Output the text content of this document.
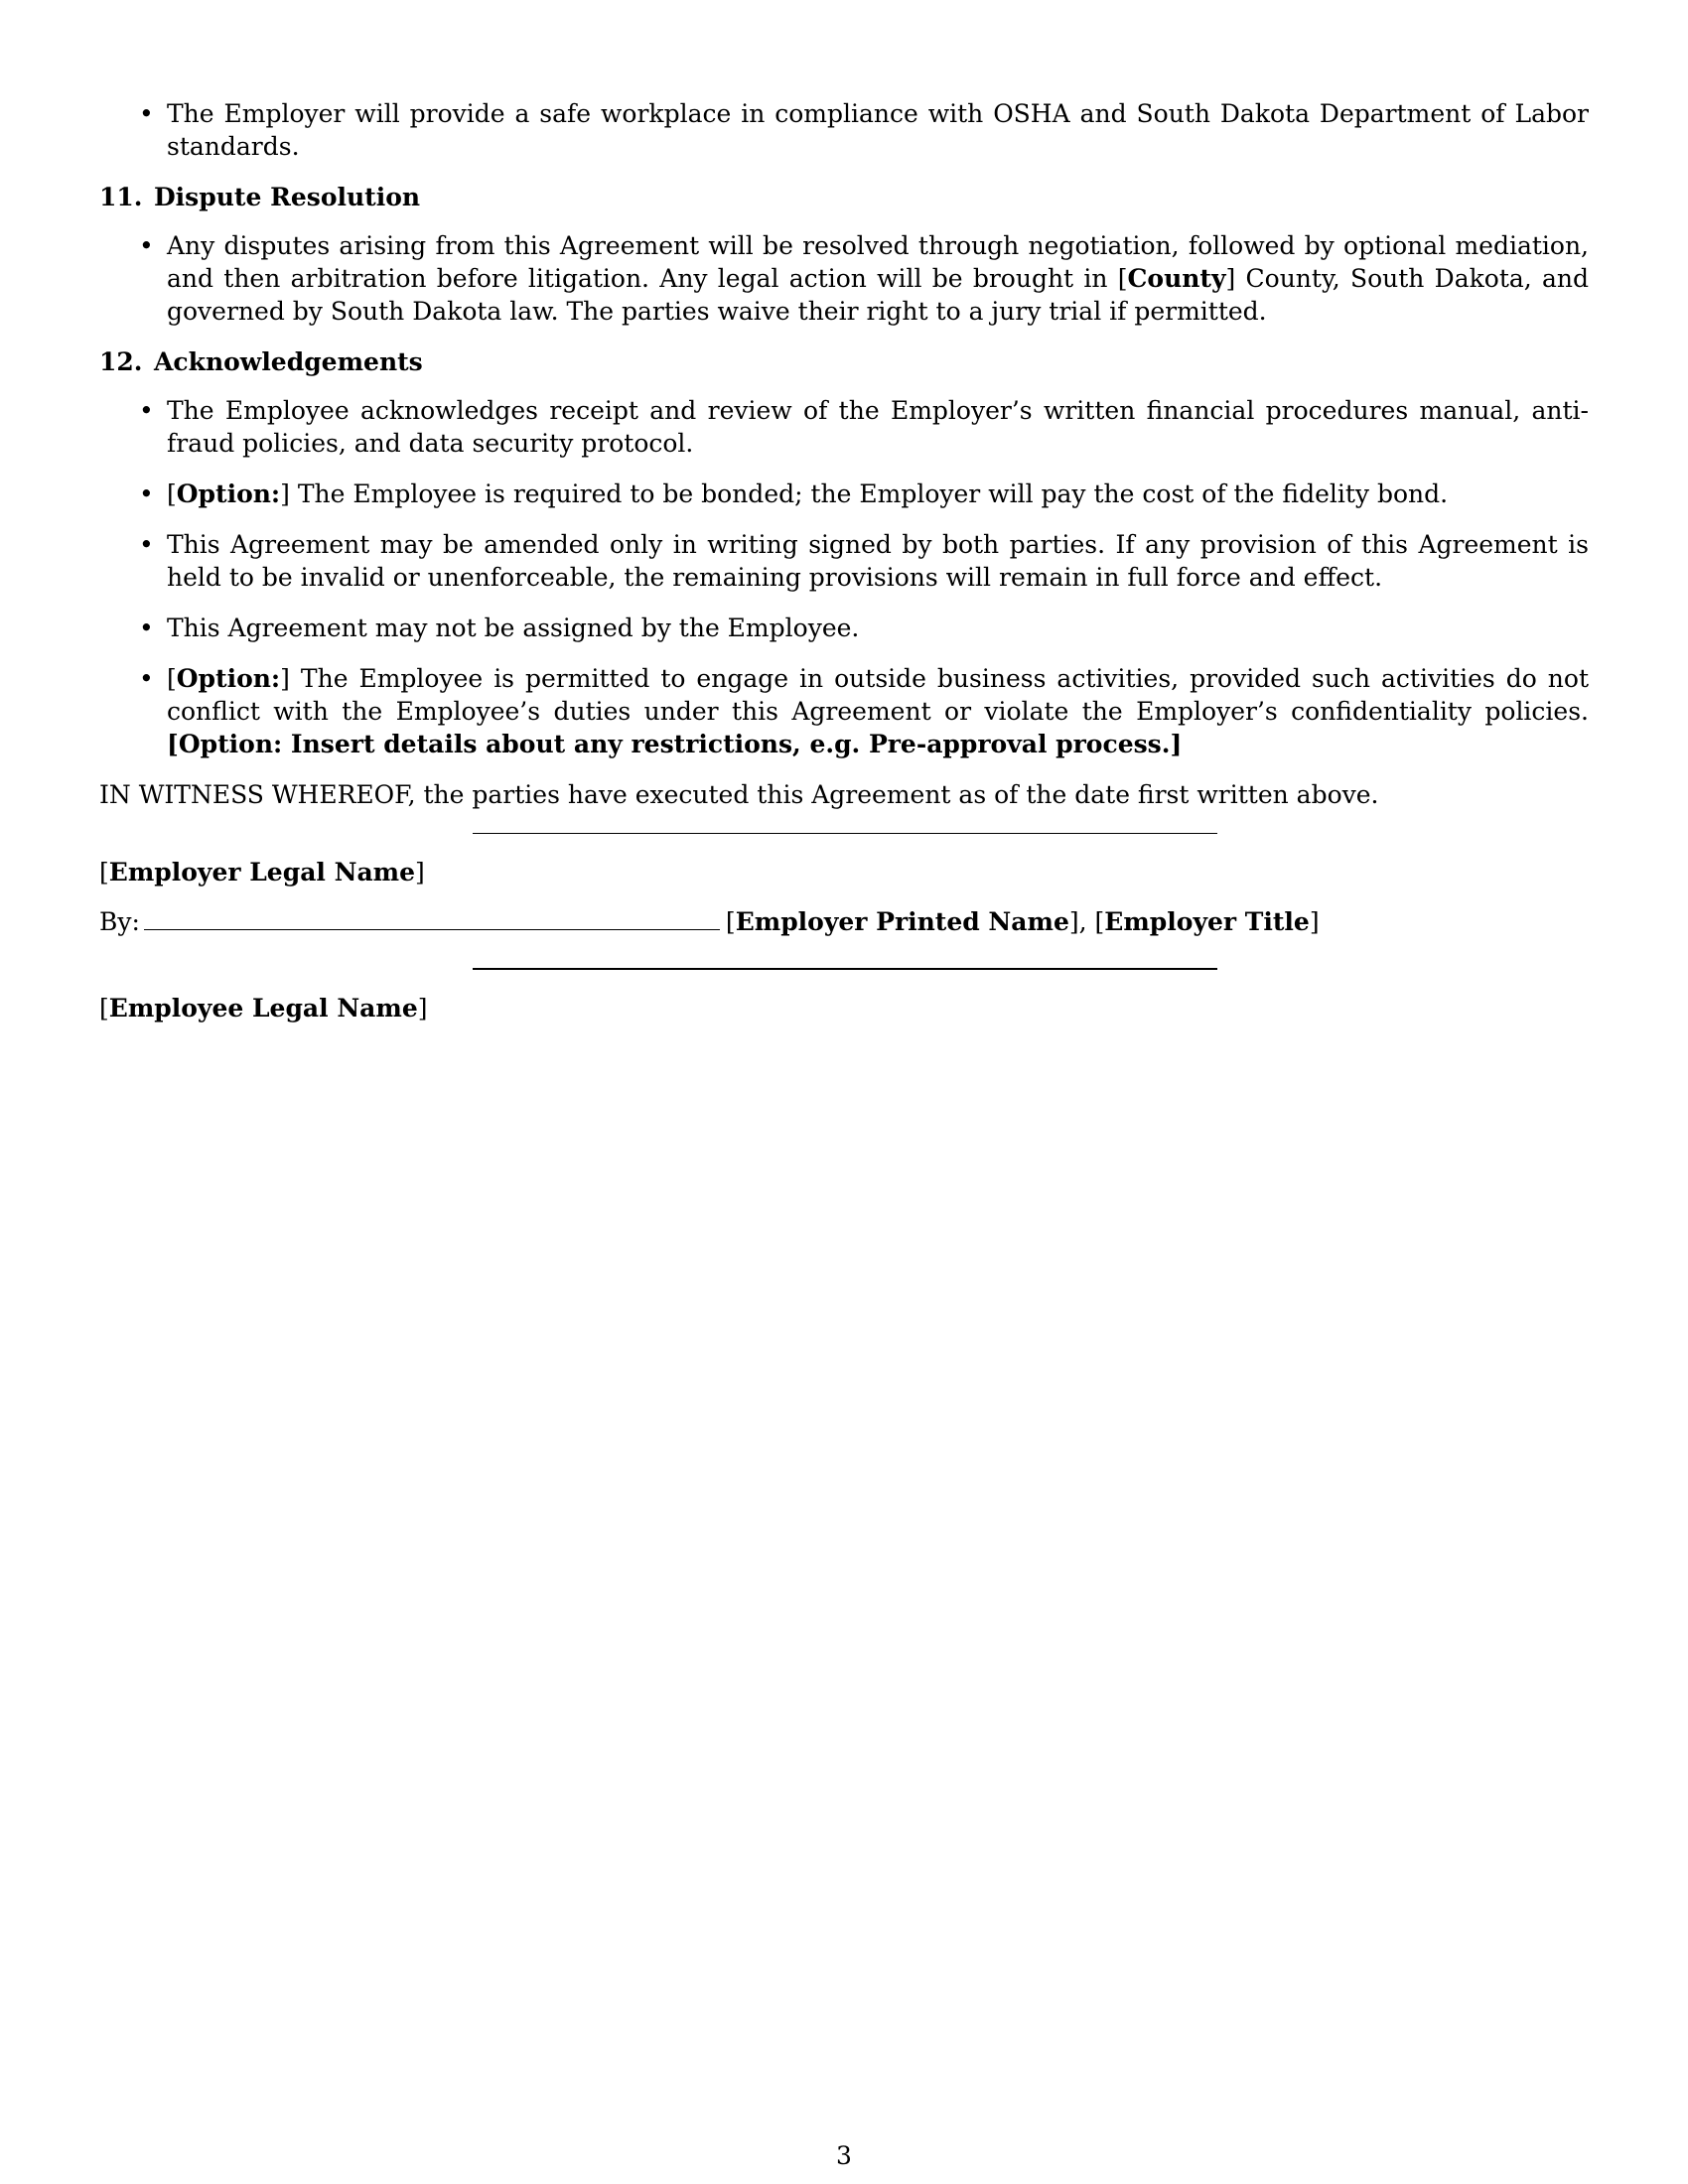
• The Employer will provide a safe workplace in compliance with OSHA and South Dakota Department of Labor standards.
11. Dispute Resolution
• Any disputes arising from this Agreement will be resolved through negotiation, followed by optional mediation, and then arbitration before litigation. Any legal action will be brought in [County] County, South Dakota, and governed by South Dakota law. The parties waive their right to a jury trial if permitted.
12. Acknowledgements
• The Employee acknowledges receipt and review of the Employer’s written financial procedures manual, anti-fraud policies, and data security protocol.
• [Option:] The Employee is required to be bonded; the Employer will pay the cost of the fidelity bond.
• This Agreement may be amended only in writing signed by both parties. If any provision of this Agreement is held to be invalid or unenforceable, the remaining provisions will remain in full force and effect.
• This Agreement may not be assigned by the Employee.
• [Option:] The Employee is permitted to engage in outside business activities, provided such activities do not conflict with the Employee’s duties under this Agreement or violate the Employer’s confidentiality policies. [Option: Insert details about any restrictions, e.g. Pre-approval process.]

IN WITNESS WHEREOF, the parties have executed this Agreement as of the date first written above.

[Employer Legal Name]
By:	[Employer Printed Name], [Employer Title]
[Employee Legal Name]
3
